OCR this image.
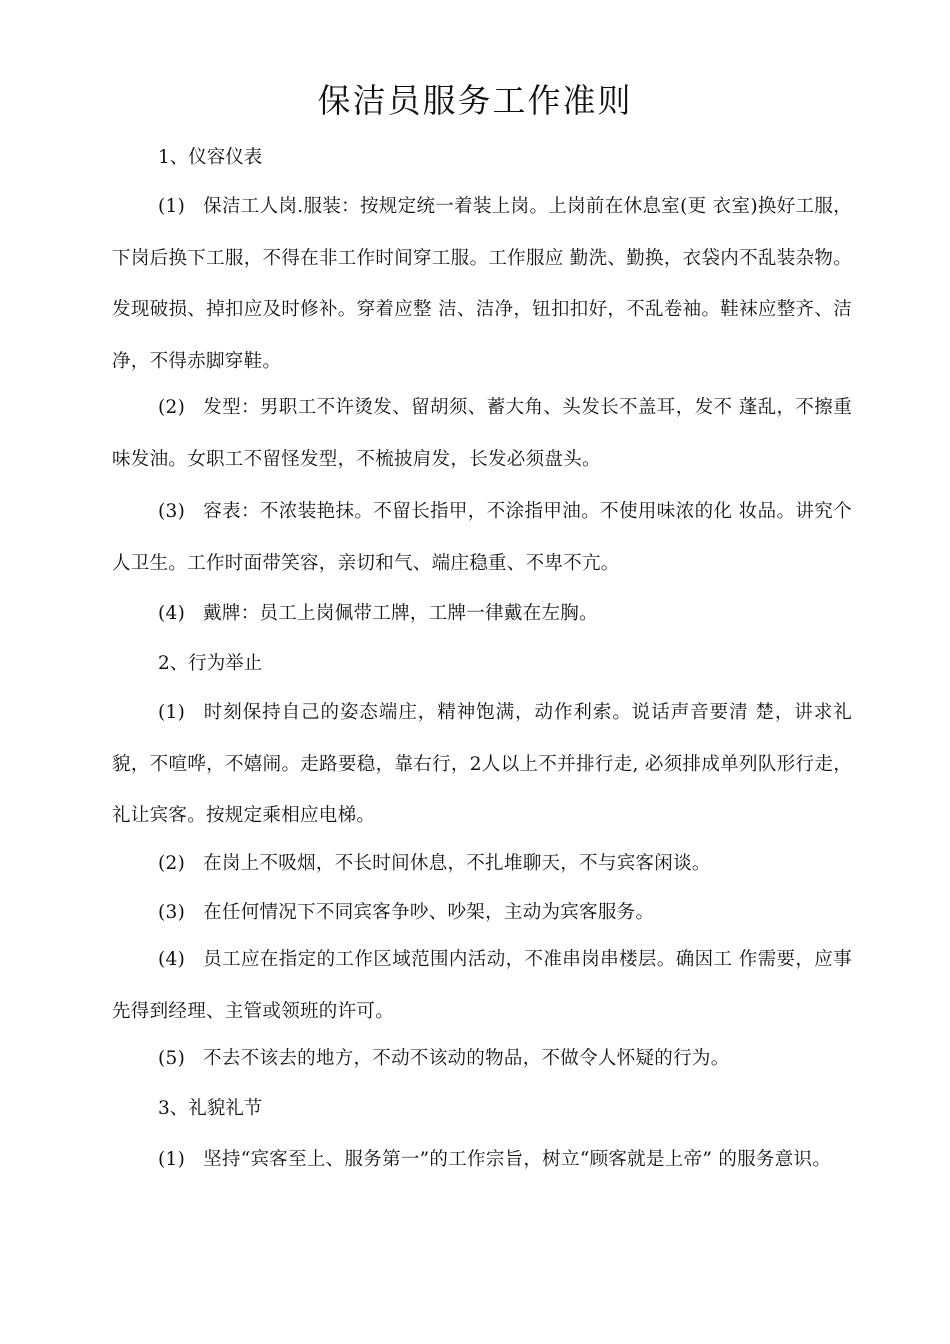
保洁员服务工作准则
1、仪容仪表
(1) 保洁工人岗.服装：按规定统一着装上岗。上岗前在休息室(更 衣室)换好工服，下岗后换下工服，不得在非工作时间穿工服。工作服应 勤洗、勤换，衣袋内不乱装杂物。发现破损、掉扣应及时修补。穿着应整 洁、洁净，钮扣扣好，不乱卷袖。鞋袜应整齐、洁净，不得赤脚穿鞋。
(2) 发型：男职工不许烫发、留胡须、蓄大角、头发长不盖耳，发不 蓬乱，不擦重味发油。女职工不留怪发型，不梳披肩发，长发必须盘头。
(3) 容表：不浓装艳抹。不留长指甲，不涂指甲油。不使用味浓的化 妆品。讲究个人卫生。工作时面带笑容，亲切和气、端庄稳重、不卑不亢。
(4) 戴牌：员工上岗佩带工牌，工牌一律戴在左胸。
2、行为举止
(1) 时刻保持自己的姿态端庄，精神饱满，动作利索。说话声音要清 楚，讲求礼貌，不喧哗，不嬉闹。走路要稳，靠右行，2人以上不并排行走, 必须排成单列队形行走，礼让宾客。按规定乘相应电梯。
(2) 在岗上不吸烟，不长时间休息，不扎堆聊天，不与宾客闲谈。
(3) 在任何情况下不同宾客争吵、吵架，主动为宾客服务。
(4) 员工应在指定的工作区域范围内活动，不准串岗串楼层。确因工 作需要，应事先得到经理、主管或领班的许可。
(5) 不去不该去的地方，不动不该动的物品，不做令人怀疑的行为。
3、礼貌礼节
(1) 坚持“宾客至上、服务第一”的工作宗旨，树立“顾客就是上帝” 的服务意识。
